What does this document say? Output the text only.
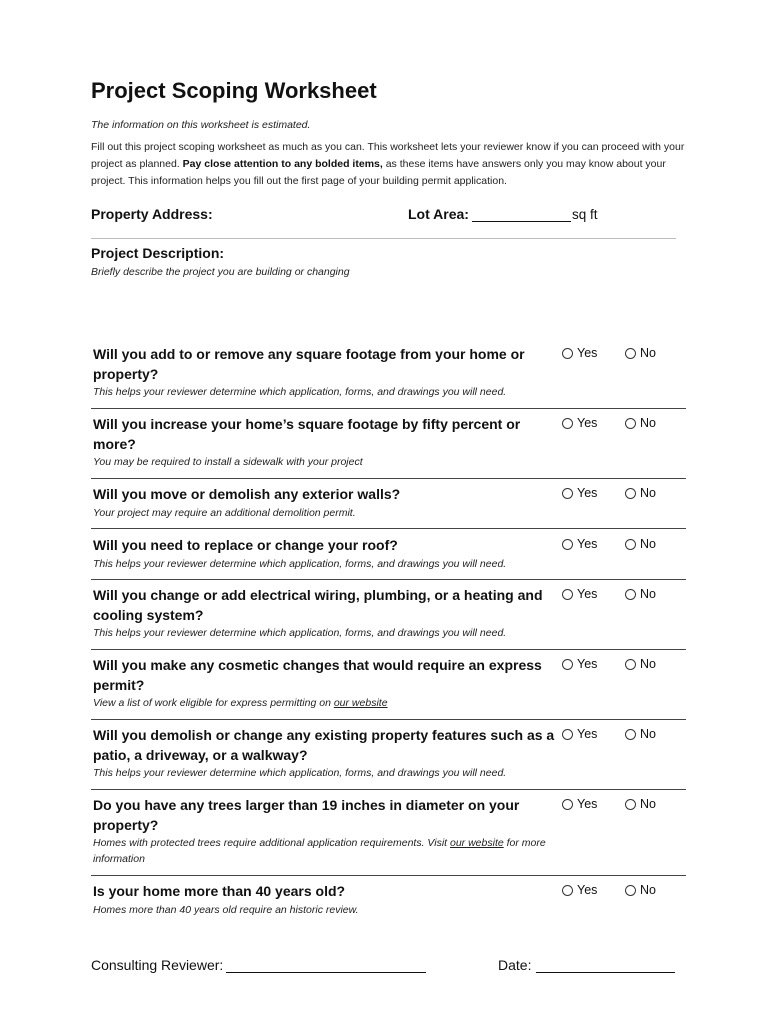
Project Scoping Worksheet
The information on this worksheet is estimated.
Fill out this project scoping worksheet as much as you can. This worksheet lets your reviewer know if you can proceed with your project as planned. Pay close attention to any bolded items, as these items have answers only you may know about your project. This information helps you fill out the first page of your building permit application.
Property Address:	Lot Area:	sq ft
Project Description:
Briefly describe the project you are building or changing
Will you add to or remove any square footage from your home or property?
This helps your reviewer determine which application, forms, and drawings you will need.
Yes	No
Will you increase your home’s square footage by fifty percent or more?
You may be required to install a sidewalk with your project
Yes	No
Will you move or demolish any exterior walls?
Your project may require an additional demolition permit.
Yes	No
Will you need to replace or change your roof?
This helps your reviewer determine which application, forms, and drawings you will need.
Yes	No
Will you change or add electrical wiring, plumbing, or a heating and cooling system?
This helps your reviewer determine which application, forms, and drawings you will need.
Yes	No
Will you make any cosmetic changes that would require an express permit?
View a list of work eligible for express permitting on our website
Yes	No
Will you demolish or change any existing property features such as a patio, a driveway, or a walkway?
This helps your reviewer determine which application, forms, and drawings you will need.
Yes	No
Do you have any trees larger than 19 inches in diameter on your property?
Homes with protected trees require additional application requirements. Visit our website for more information
Yes	No
Is your home more than 40 years old?
Homes more than 40 years old require an historic review.
Yes	No
Consulting Reviewer:	Date:
